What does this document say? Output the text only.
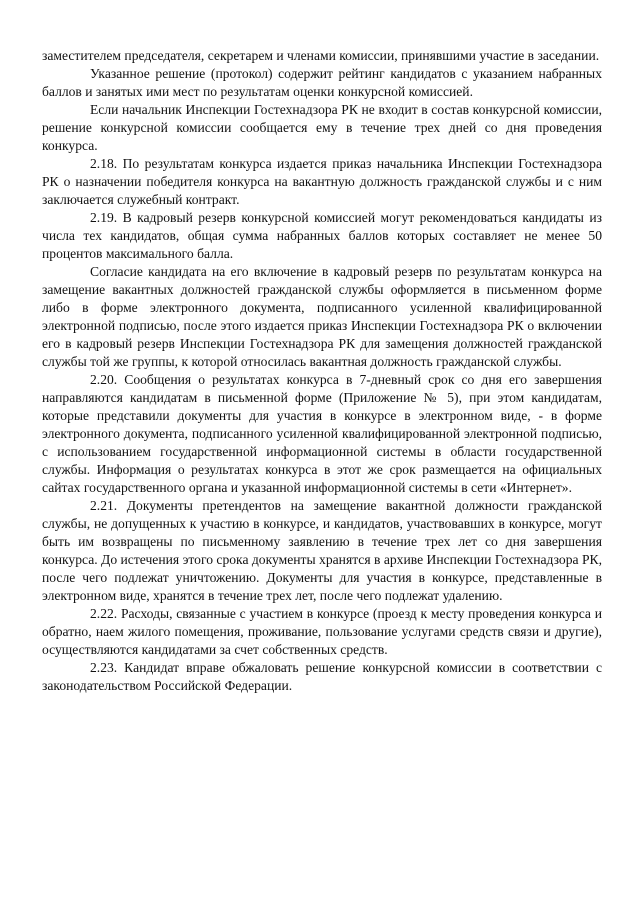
заместителем председателя, секретарем и членами комиссии, принявшими участие в заседании.

Указанное решение (протокол) содержит рейтинг кандидатов с указанием набранных баллов и занятых ими мест по результатам оценки конкурсной комиссией.

Если начальник Инспекции Гостехнадзора РК не входит в состав конкурсной комиссии, решение конкурсной комиссии сообщается ему в течение трех дней со дня проведения конкурса.

2.18. По результатам конкурса издается приказ начальника Инспекции Гостехнадзора РК о назначении победителя конкурса на вакантную должность гражданской службы и с ним заключается служебный контракт.

2.19. В кадровый резерв конкурсной комиссией могут рекомендоваться кандидаты из числа тех кандидатов, общая сумма набранных баллов которых составляет не менее 50 процентов максимального балла.

Согласие кандидата на его включение в кадровый резерв по результатам конкурса на замещение вакантных должностей гражданской службы оформляется в письменном форме либо в форме электронного документа, подписанного усиленной квалифицированной электронной подписью, после этого издается приказ Инспекции Гостехнадзора РК о включении его в кадровый резерв Инспекции Гостехнадзора РК для замещения должностей гражданской службы той же группы, к которой относилась вакантная должность гражданской службы.

2.20. Сообщения о результатах конкурса в 7-дневный срок со дня его завершения направляются кандидатам в письменной форме (Приложение № 5), при этом кандидатам, которые представили документы для участия в конкурсе в электронном виде, - в форме электронного документа, подписанного усиленной квалифицированной электронной подписью, с использованием государственной информационной системы в области государственной службы. Информация о результатах конкурса в этот же срок размещается на официальных сайтах государственного органа и указанной информационной системы в сети «Интернет».

2.21. Документы претендентов на замещение вакантной должности гражданской службы, не допущенных к участию в конкурсе, и кандидатов, участвовавших в конкурсе, могут быть им возвращены по письменному заявлению в течение трех лет со дня завершения конкурса. До истечения этого срока документы хранятся в архиве Инспекции Гостехнадзора РК, после чего подлежат уничтожению. Документы для участия в конкурсе, представленные в электронном виде, хранятся в течение трех лет, после чего подлежат удалению.

2.22. Расходы, связанные с участием в конкурсе (проезд к месту проведения конкурса и обратно, наем жилого помещения, проживание, пользование услугами средств связи и другие), осуществляются кандидатами за счет собственных средств.

2.23. Кандидат вправе обжаловать решение конкурсной комиссии в соответствии с законодательством Российской Федерации.
